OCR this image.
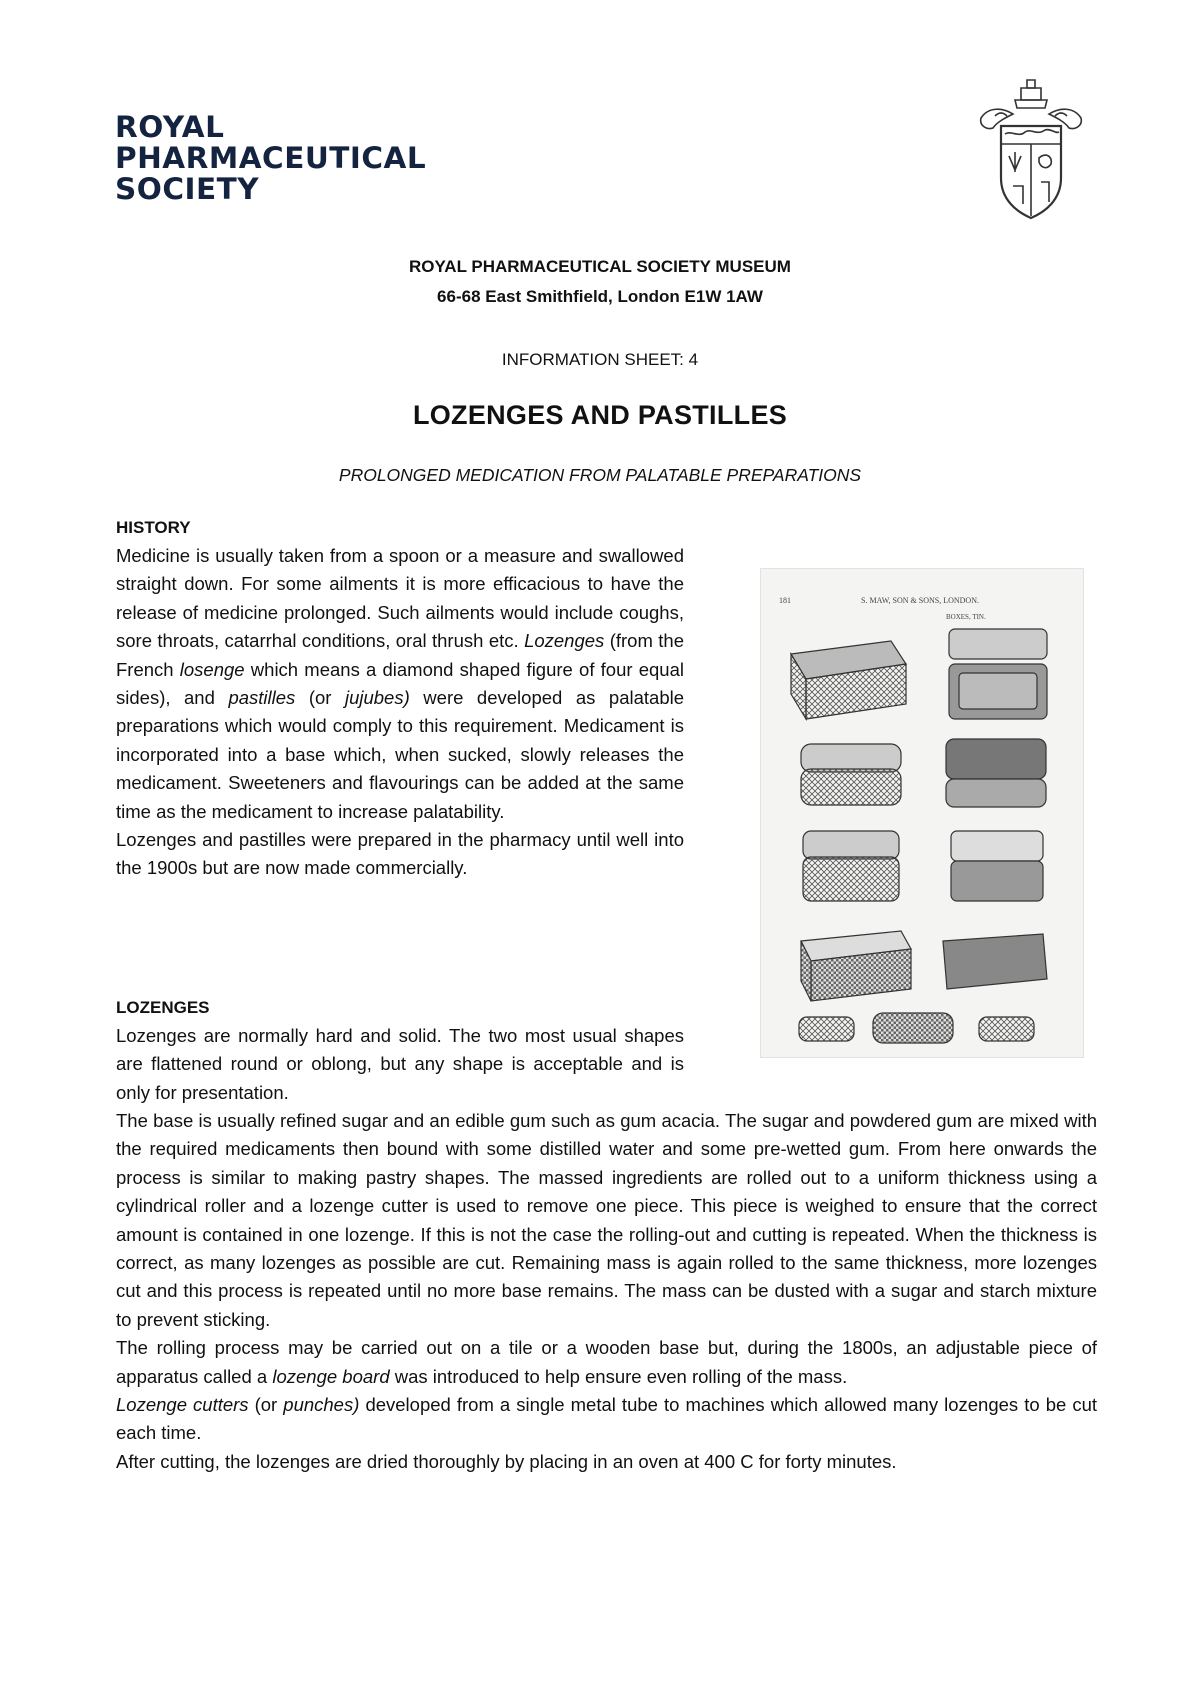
ROYAL
PHARMACEUTICAL
SOCIETY
ROYAL PHARMACEUTICAL SOCIETY MUSEUM
66-68 East Smithfield, London E1W 1AW
INFORMATION SHEET: 4
LOZENGES AND PASTILLES
PROLONGED MEDICATION FROM PALATABLE PREPARATIONS
HISTORY

Medicine is usually taken from a spoon or a measure and swallowed straight down. For some ailments it is more efficacious to have the release of medicine prolonged. Such ailments would include coughs, sore throats, catarrhal conditions, oral thrush etc. Lozenges (from the French losenge which means a diamond shaped figure of four equal sides), and pastilles (or jujubes) were developed as palatable preparations which would comply to this requirement. Medicament is incorporated into a base which, when sucked, slowly releases the medicament. Sweeteners and flavourings can be added at the same time as the medicament to increase palatability.

Lozenges and pastilles were prepared in the pharmacy until well into the 1900s but are now made commercially.

LOZENGES

Lozenges are normally hard and solid. The two most usual shapes are flattened round or oblong, but any shape is acceptable and is only for presentation.

The base is usually refined sugar and an edible gum such as gum acacia. The sugar and powdered gum are mixed with the required medicaments then bound with some distilled water and some pre-wetted gum. From here onwards the process is similar to making pastry shapes. The massed ingredients are rolled out to a uniform thickness using a cylindrical roller and a lozenge cutter is used to remove one piece. This piece is weighed to ensure that the correct amount is contained in one lozenge. If this is not the case the rolling-out and cutting is repeated. When the thickness is correct, as many lozenges as possible are cut. Remaining mass is again rolled to the same thickness, more lozenges cut and this process is repeated until no more base remains. The mass can be dusted with a sugar and starch mixture to prevent sticking.

The rolling process may be carried out on a tile or a wooden base but, during the 1800s, an adjustable piece of apparatus called a lozenge board was introduced to help ensure even rolling of the mass.

Lozenge cutters (or punches) developed from a single metal tube to machines which allowed many lozenges to be cut each time.

After cutting, the lozenges are dried thoroughly by placing in an oven at 400 C for forty minutes.

181	S. MAW, SON & SONS, LONDON.
BOXES, TIN.
